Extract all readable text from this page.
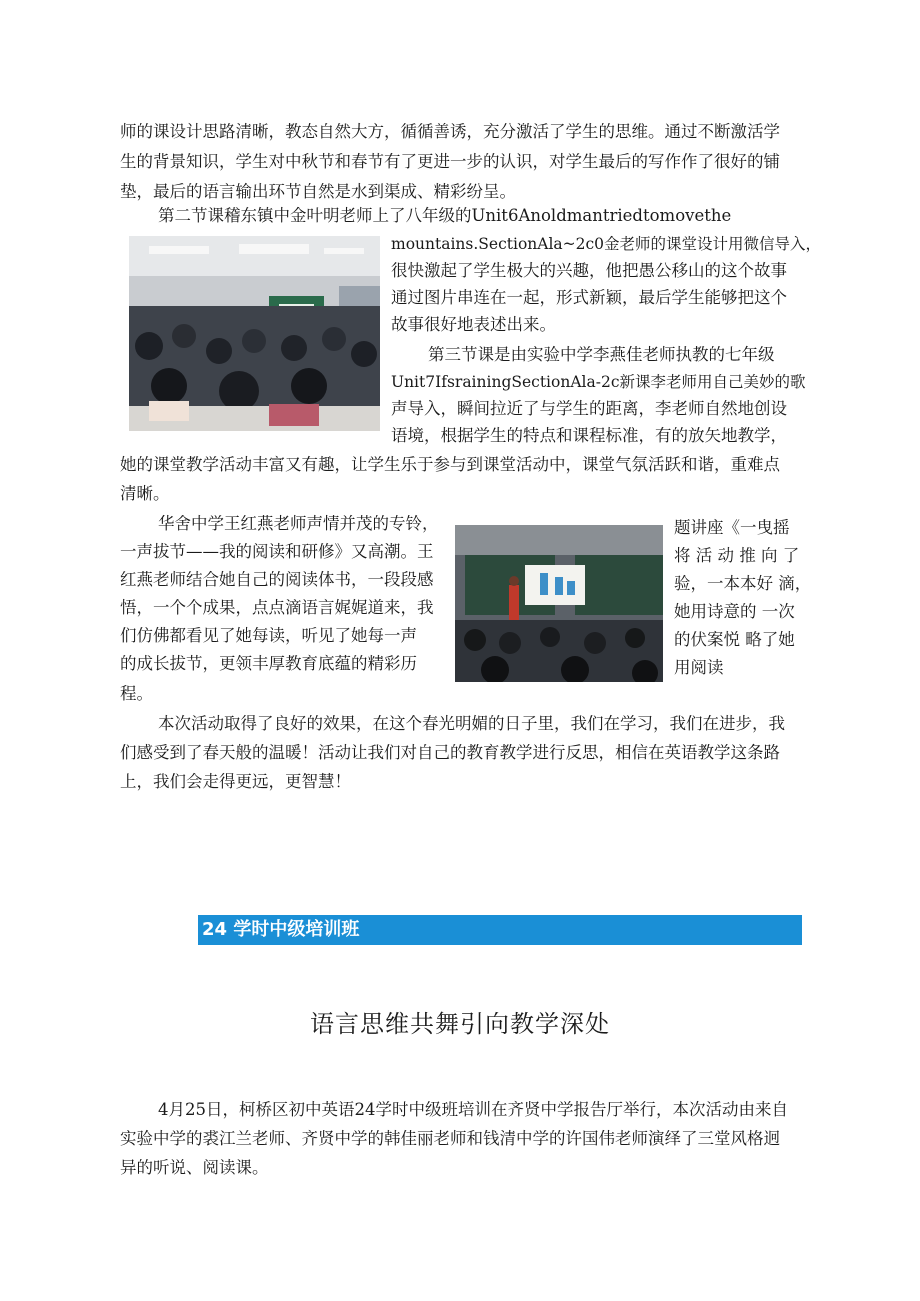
师的课设计思路清晰，教态自然大方，循循善诱，充分激活了学生的思维。通过不断激活学
生的背景知识，学生对中秋节和春节有了更进一步的认识，对学生最后的写作作了很好的铺
垫，最后的语言输出环节自然是水到渠成、精彩纷呈。
第二节课稽东镇中金叶明老师上了八年级的Unit6Anoldmantriedtomovethe
mountains.SectionAla~2c0金老师的课堂设计用微信导入，
很快激起了学生极大的兴趣，他把愚公移山的这个故事
通过图片串连在一起，形式新颖，最后学生能够把这个
故事很好地表述出来。
第三节课是由实验中学李燕佳老师执教的七年级
Unit7IfsrainingSectionAla-2c新课李老师用自己美妙的歌
声导入，瞬间拉近了与学生的距离，李老师自然地创设
语境，根据学生的特点和课程标准，有的放矢地教学，
她的课堂教学活动丰富又有趣，让学生乐于参与到课堂活动中，课堂气氛活跃和谐，重难点
清晰。
华舍中学王红燕老师声情并茂的专铃，
一声拔节——我的阅读和研修》又高潮。王
红燕老师结合她自己的阅读体书，一段段感
悟，一个个成果，点点滴语言娓娓道来，我
们仿佛都看见了她每读，听见了她每一声
的成长拔节，更领丰厚教育底蕴的精彩历
程。
题讲座《一曳摇
将 活 动 推 向 了
验，一本本好 滴，
她用诗意的 一次
的伏案悦 略了她
用阅读
本次活动取得了良好的效果，在这个春光明媚的日子里，我们在学习，我们在进步，我
们感受到了春天般的温暖！活动让我们对自己的教育教学进行反思，相信在英语教学这条路
上，我们会走得更远，更智慧！
24 学时中级培训班
语言思维共舞引向教学深处
4月25日，柯桥区初中英语24学时中级班培训在齐贤中学报告厅举行，本次活动由来自
实验中学的裘江兰老师、齐贤中学的韩佳丽老师和钱清中学的许国伟老师演绎了三堂风格迥
异的听说、阅读课。
